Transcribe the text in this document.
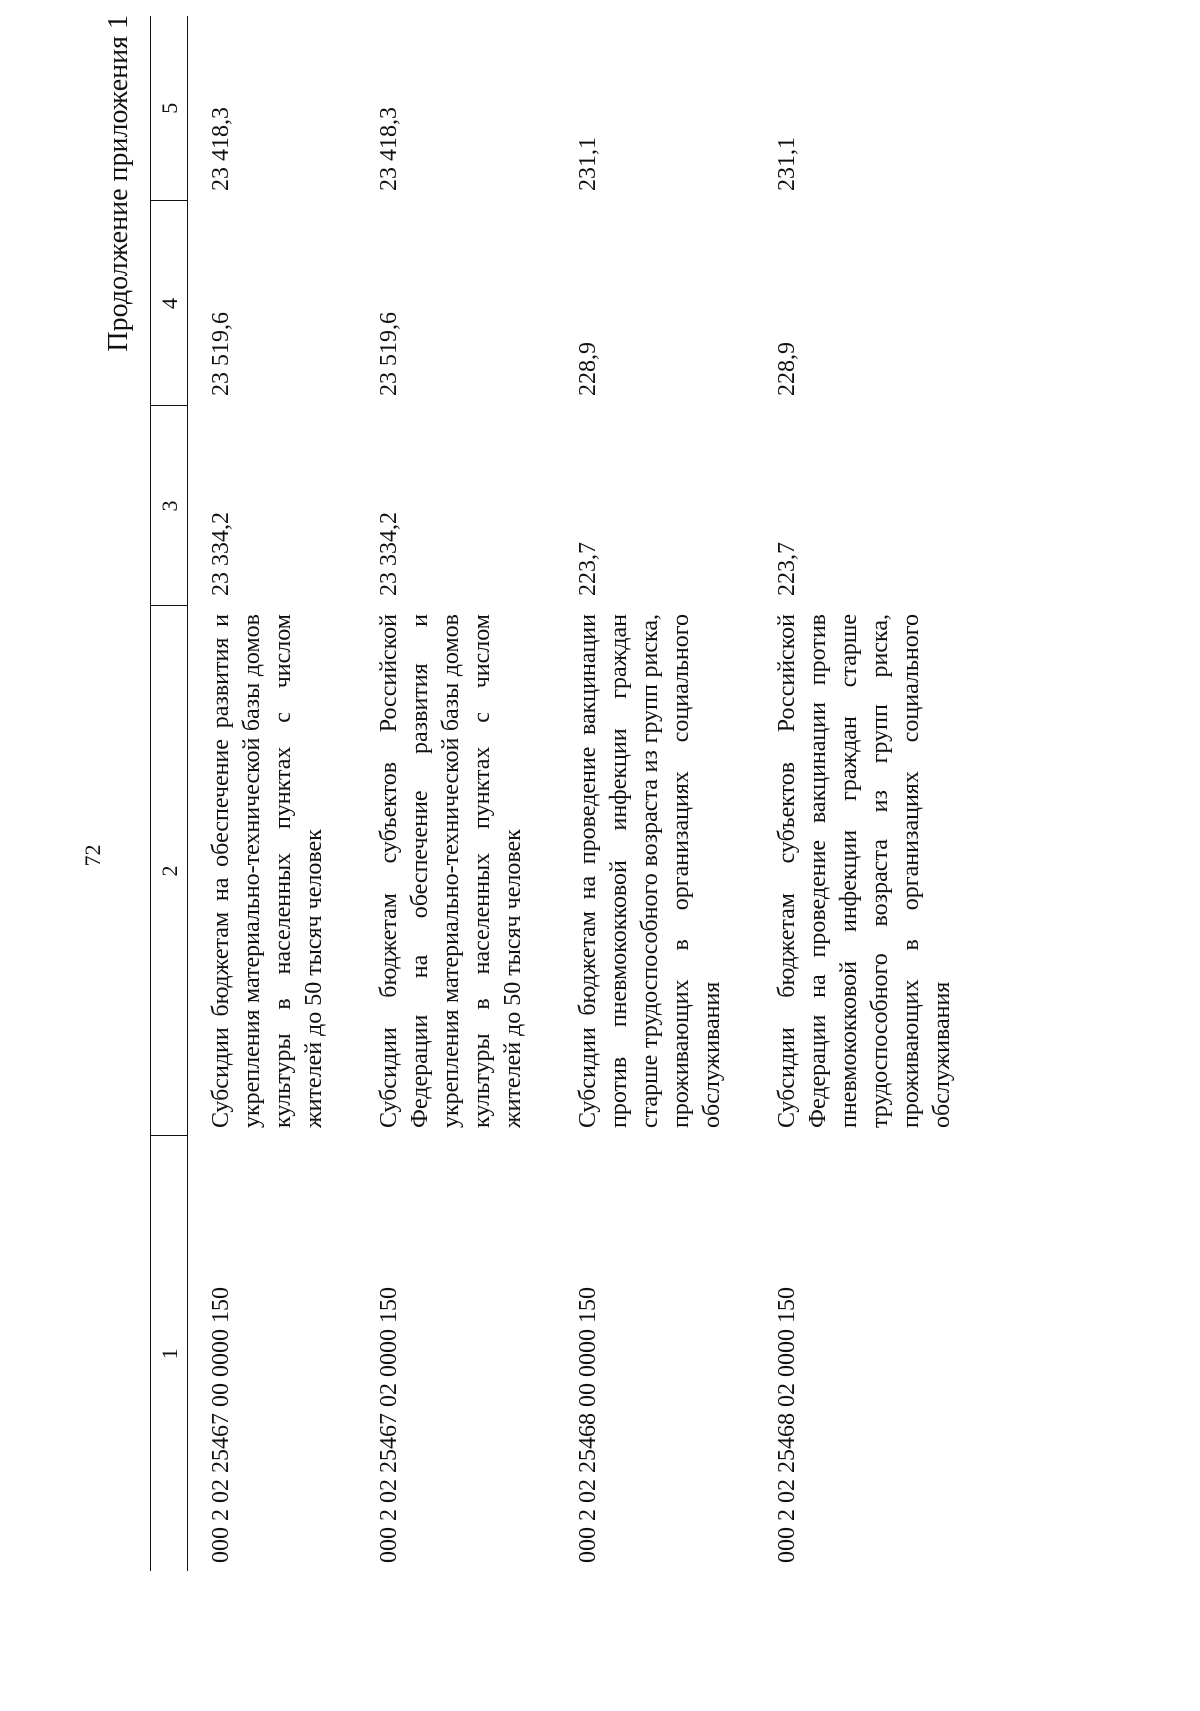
72
Продолжение приложения 1
1	2	3	4	5
000 2 02 25467 00 0000 150	Субсидии бюджетам на обеспечение развития и укрепления материально-технической базы домов культуры в населенных пунктах с числом жителей до 50 тысяч человек	23 334,2	23 519,6	23 418,3
000 2 02 25467 02 0000 150	Субсидии бюджетам субъектов Российской Федерации на обеспечение развития и укрепления материально-технической базы домов культуры в населенных пунктах с числом жителей до 50 тысяч человек	23 334,2	23 519,6	23 418,3
000 2 02 25468 00 0000 150	Субсидии бюджетам на проведение вакцинации против пневмококковой инфекции граждан старше трудоспособного возраста из групп риска, проживающих в организациях социального обслуживания	223,7	228,9	231,1
000 2 02 25468 02 0000 150	Субсидии бюджетам субъектов Российской Федерации на проведение вакцинации против пневмококковой инфекции граждан старше трудоспособного возраста из групп риска, проживающих в организациях социального обслуживания	223,7	228,9	231,1
